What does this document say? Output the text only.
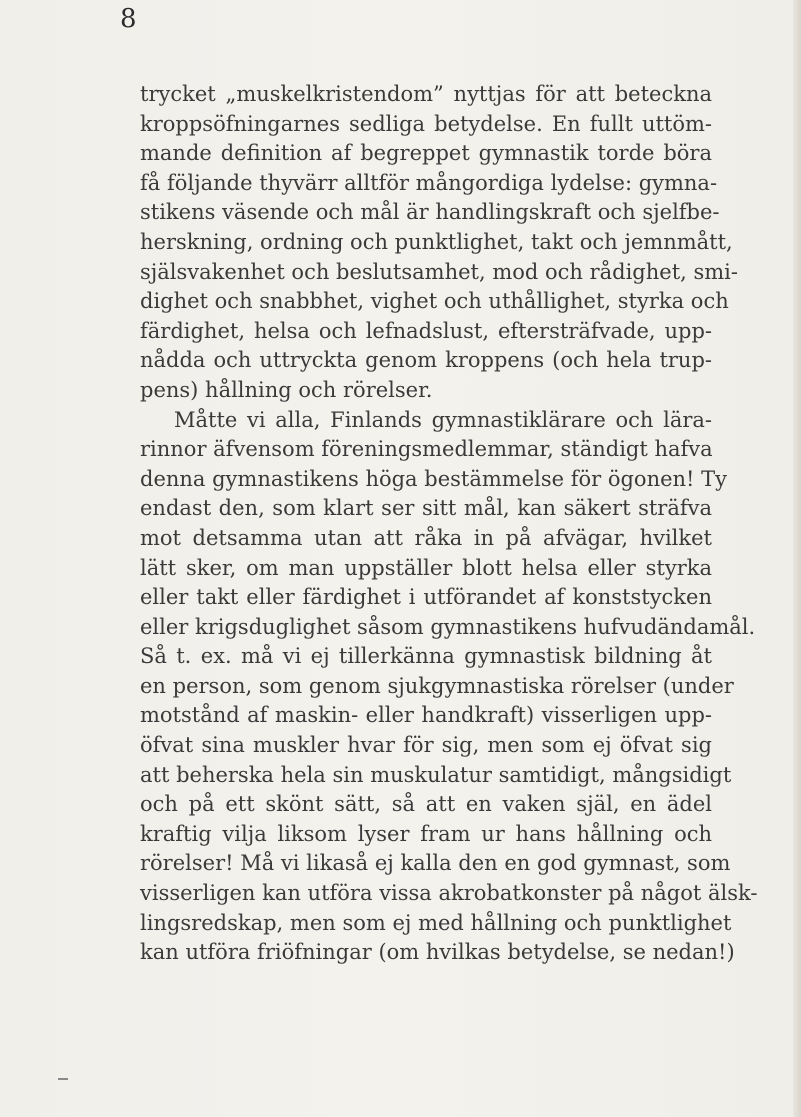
8

trycket „muskelkristendom” nyttjas för att beteckna
kroppsöfningarnes sedliga betydelse. En fullt uttöm-
mande definition af begreppet gymnastik torde böra
få följande thyvärr alltför mångordiga lydelse: gymna-
stikens väsende och mål är handlingskraft och sjelfbe-
herskning, ordning och punktlighet, takt och jemnmått,
själsvakenhet och beslutsamhet, mod och rådighet, smi-
dighet och snabbhet, vighet och uthållighet, styrka och
färdighet, helsa och lefnadslust, eftersträfvade, upp-
nådda och uttryckta genom kroppens (och hela trup-
pens) hållning och rörelser.
Måtte vi alla, Finlands gymnastiklärare och lära-
rinnor äfvensom föreningsmedlemmar, ständigt hafva
denna gymnastikens höga bestämmelse för ögonen! Ty
endast den, som klart ser sitt mål, kan säkert sträfva
mot detsamma utan att råka in på afvägar, hvilket
lätt sker, om man uppställer blott helsa eller styrka
eller takt eller färdighet i utförandet af konststycken
eller krigsduglighet såsom gymnastikens hufvudändamål.
Så t. ex. må vi ej tillerkänna gymnastisk bildning åt
en person, som genom sjukgymnastiska rörelser (under
motstånd af maskin- eller handkraft) visserligen upp-
öfvat sina muskler hvar för sig, men som ej öfvat sig
att beherska hela sin muskulatur samtidigt, mångsidigt
och på ett skönt sätt, så att en vaken själ, en ädel
kraftig vilja liksom lyser fram ur hans hållning och
rörelser! Må vi likaså ej kalla den en god gymnast, som
visserligen kan utföra vissa akrobatkonster på något älsk-
lingsredskap, men som ej med hållning och punktlighet
kan utföra friöfningar (om hvilkas betydelse, se nedan!)
